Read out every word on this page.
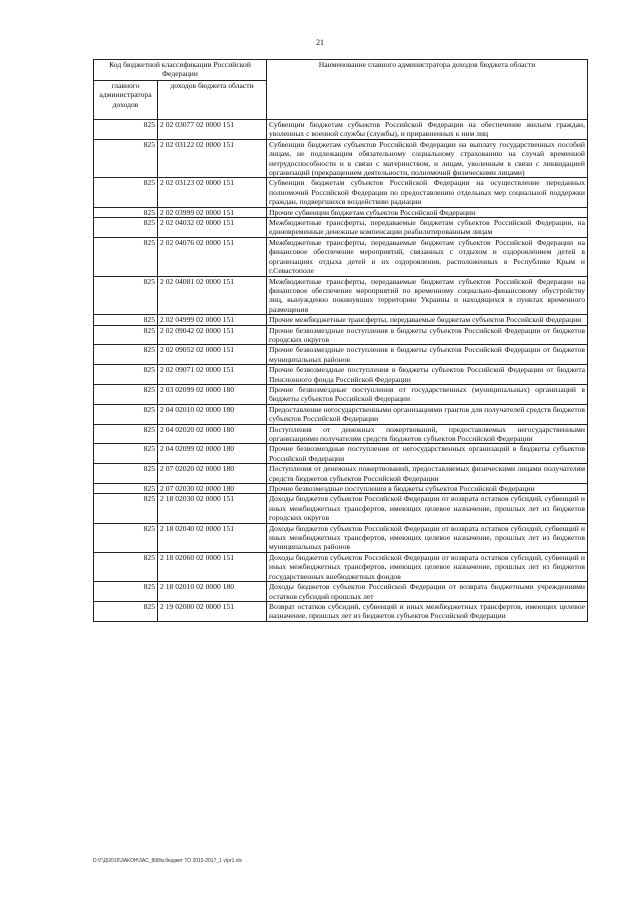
21
Код бюджетной классификации Российской Федерации		Наименование главного администратора доходов бюджета области
главного администратора доходов	доходов бюджета области	
825	2 02 03077 02 0000 151	Субвенции бюджетам субъектов Российской Федерации на обеспечение жильем граждан, уволенных с военной службы (службы), и приравненных к ним лиц
825	2 02 03122 02 0000 151	Субвенции бюджетам субъектов Российской Федерации на выплату государственных пособий лицам, не подлежащим обязательному социальному страхованию на случай временной нетрудоспособности и в связи с материнством, и лицам, уволенным в связи с ликвидацией организаций (прекращением деятельности, полномочий физическими лицами)
825	2 02 03123 02 0000 151	Субвенции бюджетам субъектов Российской Федерации на осуществление переданных полномочий Российской Федерации по предоставлению отдельных мер социальной поддержки граждан, подвергшихся воздействию радиации
825	2 02 03999 02 0000 151	Прочие субвенции бюджетам субъектов Российской Федерации
825	2 02 04032 02 0000 151	Межбюджетные трансферты, передаваемые бюджетам субъектов Российской Федерации, на единовременные денежные компенсации реабилитированным лицам
825	2 02 04076 02 0000 151	Межбюджетные трансферты, передаваемые бюджетам субъектов Российской Федерации на финансовое обеспечение мероприятий, связанных с отдыхом и оздоровлением детей в организациях отдыха детей и их оздоровления, расположенных в Республике Крым и г.Севастополе
825	2 02 04081 02 0000 151	Межбюджетные трансферты, передаваемые бюджетам субъектов Российской Федерации на финансовое обеспечение мероприятий по временному социально-финансовому обустройству лиц, вынужденно покинувших территорию Украины и находящихся в пунктах временного размещения
825	2 02 04999 02 0000 151	Прочие межбюджетные трансферты, передаваемые бюджетам субъектов Российской Федерации
825	2 02 09042 02 0000 151	Прочие безвозмездные поступления в бюджеты субъектов Российской Федерации от бюджетов городских округов
825	2 02 09052 02 0000 151	Прочие безвозмездные поступления в бюджеты субъектов Российской Федерации от бюджетов муниципальных районов
825	2 02 09071 02 0000 151	Прочие безвозмездные поступления в бюджеты субъектов Российской Федерации от бюджета Пенсионного фонда Российской Федерации
825	2 03 02099 02 0000 180	Прочие безвозмездные поступления от государственных (муниципальных) организаций в бюджеты субъектов Российской Федерации
825	2 04 02010 02 0000 180	Предоставление негосударственными организациями грантов для получателей средств бюджетов субъектов Российской Федерации
825	2 04 02020 02 0000 180	Поступления от денежных пожертвований, предоставляемых негосударственными организациями получателям средств бюджетов субъектов Российской Федерации
825	2 04 02099 02 0000 180	Прочие безвозмездные поступления от негосударственных организаций в бюджеты субъектов Российской Федерации
825	2 07 02020 02 0000 180	Поступления от денежных пожертвований, предоставляемых физическими лицами получателям средств бюджетов субъектов Российской Федерации
825	2 07 02030 02 0000 180	Прочие безвозмездные поступления в бюджеты субъектов Российской Федерации
825	2 18 02030 02 0000 151	Доходы бюджетов субъектов Российской Федерации от возврата остатков субсидий, субвенций и иных межбюджетных трансфертов, имеющих целевое назначение, прошлых лет из бюджетов городских округов
825	2 18 02040 02 0000 151	Доходы бюджетов субъектов Российской Федерации от возврата остатков субсидий, субвенций и иных межбюджетных трансфертов, имеющих целевое назначение, прошлых лет из бюджетов муниципальных районов
825	2 18 02060 02 0000 151	Доходы бюджетов субъектов Российской Федерации от возврата остатков субсидий, субвенций и иных межбюджетных трансфертов, имеющих целевое назначение, прошлых лет из бюджетов государственных внебюджетных фондов
825	2 18 02010 02 0000 180	Доходы бюджетов субъектов Российской Федерации от возврата бюджетными учреждениями остатков субсидий прошлых лет
825	2 19 02000 02 0000 151	Возврат остатков субсидий, субвенций и иных межбюджетных трансфертов, имеющих целевое назначение, прошлых лет из бюджетов субъектов Российской Федерации
D:\Г\Д\2015\ЗАКОН\ЗАС_898\в.бюджет ТО 2015-2017_1 v\pr1.xls
